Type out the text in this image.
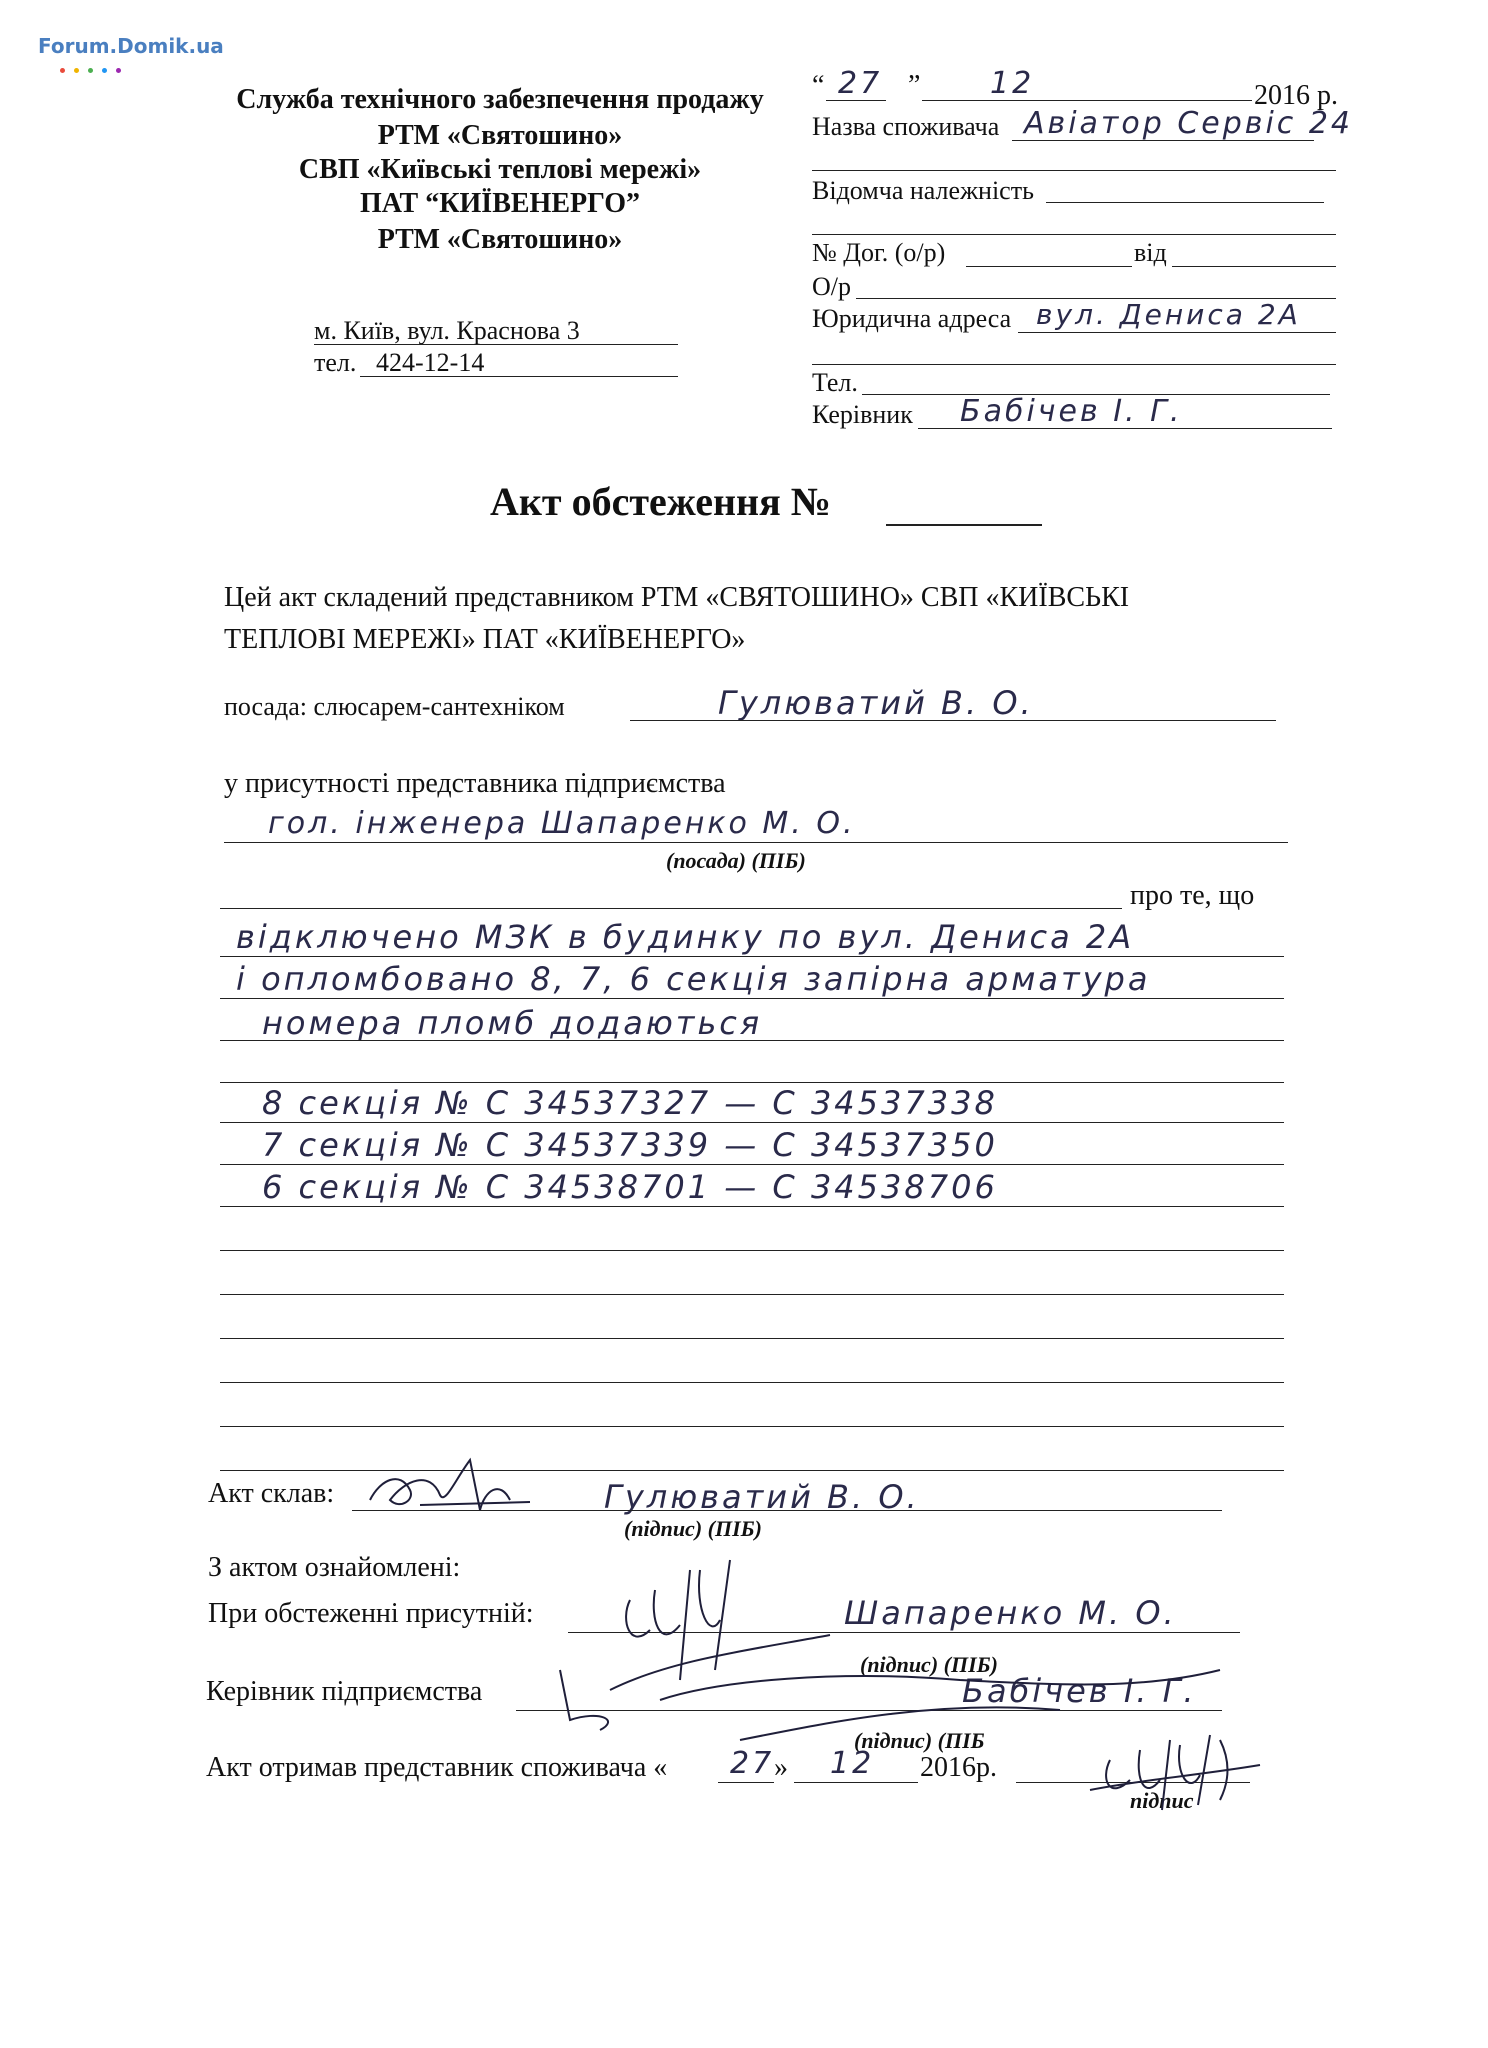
Forum.Domik.ua
Служба технічного забезпечення продажу
РТМ «Святошино»
СВП «Київські теплові мережі»
ПАТ “КИЇВЕНЕРГО”
РТМ «Святошино»
м. Київ, вул. Краснова 3
тел. 424-12-14
“ 27 ” 12	2016 р.
Назва споживача Авіатор Сервіс 24
Відомча належність
№ Дог. (о/р)	від
О/р
Юридична адреса вул. Дениса 2А
Тел.
Керівник Бабічев І. Г.
Акт обстеження №
Цей акт складений представником РТМ «СВЯТОШИНО» СВП «КИЇВСЬКІ
ТЕПЛОВІ МЕРЕЖІ» ПАТ «КИЇВЕНЕРГО»
посада: слюсарем-сантехніком	Гулюватий В. О.
у присутності представника підприємства
гол. інженера Шапаренко М. О.
(посада) (ПІБ)
про те, що
відключено МЗК в будинку по вул. Дениса 2А
і опломбовано 8, 7, 6 секція запірна арматура
номера пломб додаються
8 секція № С 34537327 — С 34537338
7 секція № С 34537339 — С 34537350
6 секція № С 34538701 — С 34538706
Акт склав:	Гулюватий В. О.
(підпис) (ПІБ)
З актом ознайомлені:
При обстеженні присутній:	Шапаренко М. О.
(підпис) (ПІБ)
Керівник підприємства	Бабічев І. Г.
(підпис) (ПІБ
Акт отримав представник споживача « 27 » 12 2016р.
підпис
